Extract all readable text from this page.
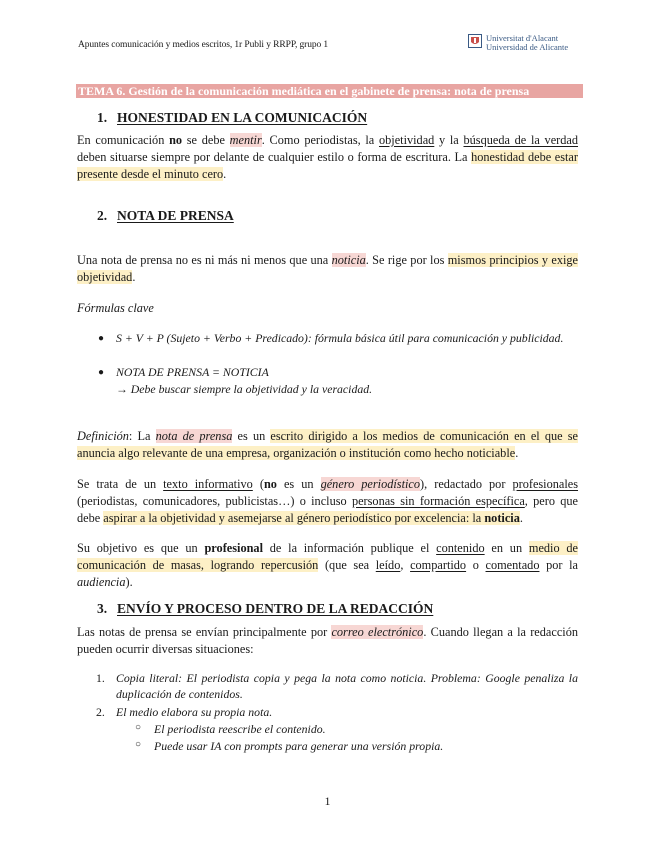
Apuntes comunicación y medios escritos, 1r Publi y RRPP, grupo 1
Universitat d'Alacant
Universidad de Alicante
TEMA 6. Gestión de la comunicación mediática en el gabinete de prensa: nota de prensa
1. HONESTIDAD EN LA COMUNICACIÓN
En comunicación no se debe mentir. Como periodistas, la objetividad y la búsqueda de la verdad deben situarse siempre por delante de cualquier estilo o forma de escritura. La honestidad debe estar presente desde el minuto cero.
2. NOTA DE PRENSA
Una nota de prensa no es ni más ni menos que una noticia. Se rige por los mismos principios y exige objetividad.
Fórmulas clave
● S + V + P (Sujeto + Verbo + Predicado): fórmula básica útil para comunicación y publicidad.
● NOTA DE PRENSA = NOTICIA
→ Debe buscar siempre la objetividad y la veracidad.
Definición: La nota de prensa es un escrito dirigido a los medios de comunicación en el que se anuncia algo relevante de una empresa, organización o institución como hecho noticiable.
Se trata de un texto informativo (no es un género periodístico), redactado por profesionales (periodistas, comunicadores, publicistas…) o incluso personas sin formación específica, pero que debe aspirar a la objetividad y asemejarse al género periodístico por excelencia: la noticia.
Su objetivo es que un profesional de la información publique el contenido en un medio de comunicación de masas, logrando repercusión (que sea leído, compartido o comentado por la audiencia).
3. ENVÍO Y PROCESO DENTRO DE LA REDACCIÓN
Las notas de prensa se envían principalmente por correo electrónico. Cuando llegan a la redacción pueden ocurrir diversas situaciones:
1. Copia literal: El periodista copia y pega la nota como noticia. Problema: Google penaliza la duplicación de contenidos.
2. El medio elabora su propia nota.
○ El periodista reescribe el contenido.
○ Puede usar IA con prompts para generar una versión propia.
1
